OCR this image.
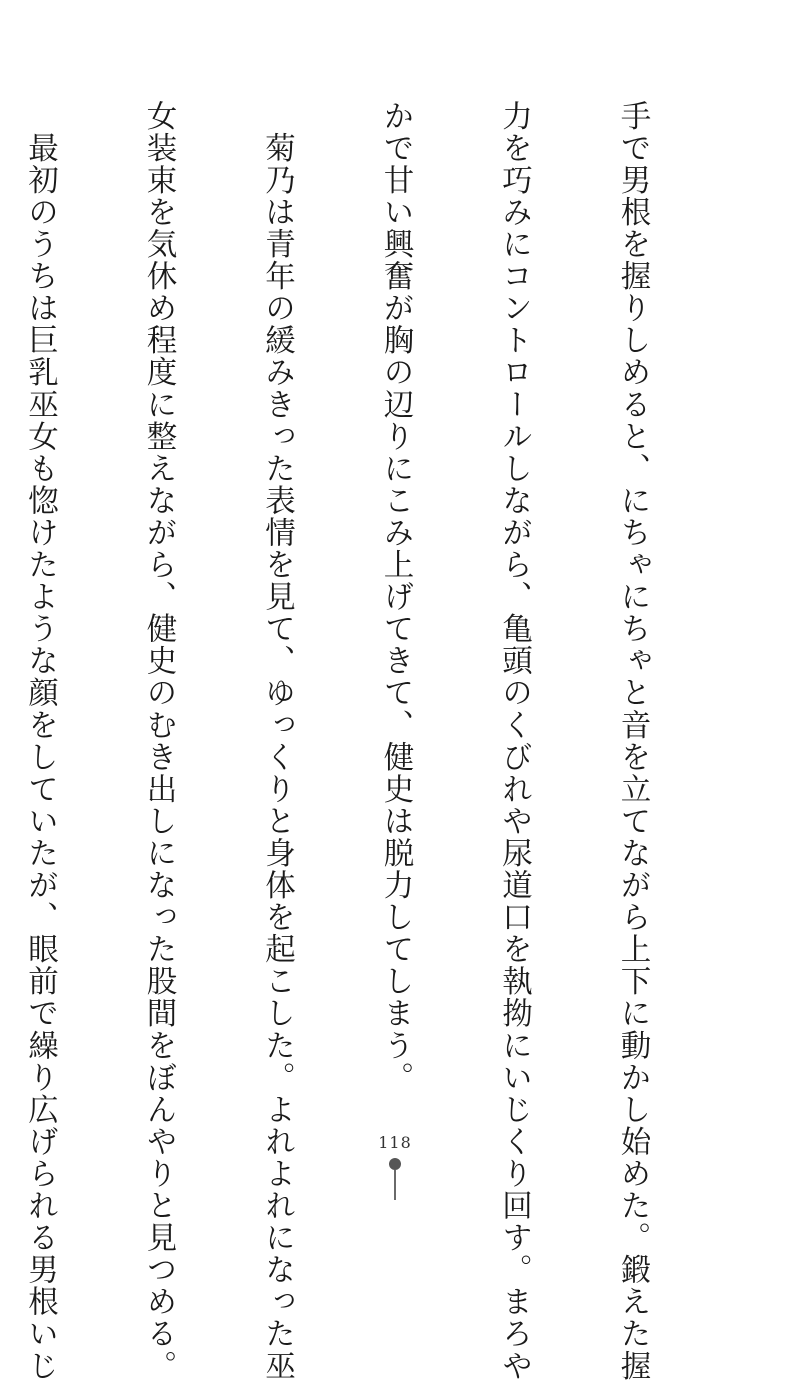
手で男根を握りしめると、にちゃにちゃと音を立てながら上下に動かし始めた。鍛えた握

力を巧みにコントロールしながら、亀頭のくびれや尿道口を執拗にいじくり回す。まろや

かで甘い興奮が胸の辺りにこみ上げてきて、健史は脱力してしまう。

　菊乃は青年の緩みきった表情を見て、ゆっくりと身体を起こした。よれよれになった巫

女装束を気休め程度に整えながら、健史のむき出しになった股間をぼんやりと見つめる。

　最初のうちは巨乳巫女も惚けたような顔をしていたが、眼前で繰り広げられる男根いじ

	118
